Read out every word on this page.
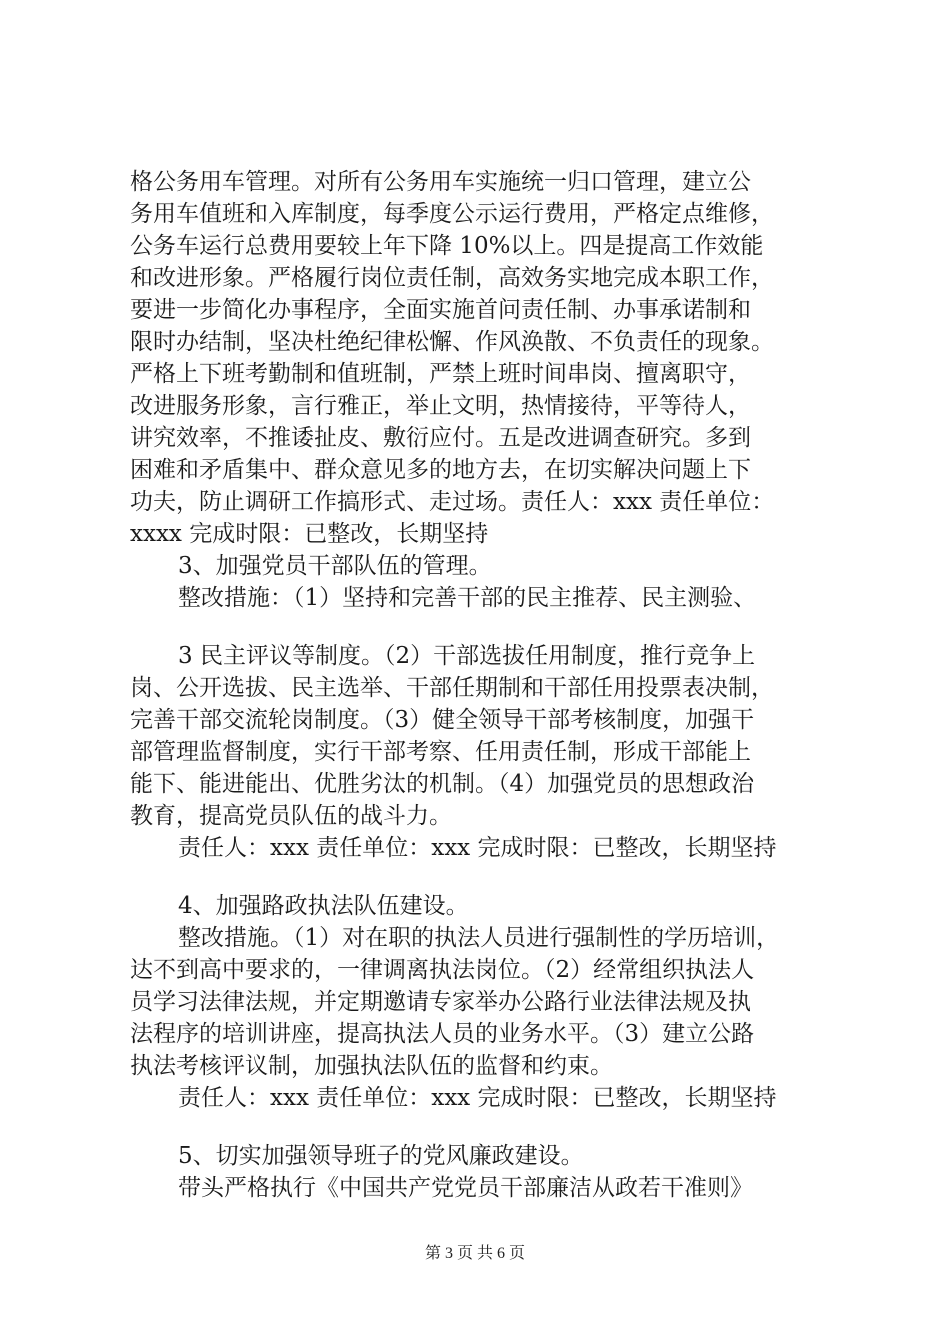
格公务用车管理。对所有公务用车实施统一归口管理，建立公
务用车值班和入库制度，每季度公示运行费用，严格定点维修，
公务车运行总费用要较上年下降 10%以上。四是提高工作效能
和改进形象。严格履行岗位责任制，高效务实地完成本职工作，
要进一步简化办事程序，全面实施首问责任制、办事承诺制和
限时办结制，坚决杜绝纪律松懈、作风涣散、不负责任的现象。
严格上下班考勤制和值班制，严禁上班时间串岗、擅离职守，
改进服务形象，言行雅正，举止文明，热情接待，平等待人，
讲究效率，不推诿扯皮、敷衍应付。五是改进调查研究。多到
困难和矛盾集中、群众意见多的地方去，在切实解决问题上下
功夫，防止调研工作搞形式、走过场。责任人：xxx 责任单位：
xxxx 完成时限：已整改，长期坚持
3、加强党员干部队伍的管理。
整改措施：（1）坚持和完善干部的民主推荐、民主测验、
3 民主评议等制度。（2）干部选拔任用制度，推行竞争上
岗、公开选拔、民主选举、干部任期制和干部任用投票表决制，
完善干部交流轮岗制度。（3）健全领导干部考核制度，加强干
部管理监督制度，实行干部考察、任用责任制，形成干部能上
能下、能进能出、优胜劣汰的机制。（4）加强党员的思想政治
教育，提高党员队伍的战斗力。
责任人：xxx 责任单位：xxx 完成时限：已整改，长期坚持
4、加强路政执法队伍建设。
整改措施。（1）对在职的执法人员进行强制性的学历培训，
达不到高中要求的，一律调离执法岗位。（2）经常组织执法人
员学习法律法规，并定期邀请专家举办公路行业法律法规及执
法程序的培训讲座，提高执法人员的业务水平。（3）建立公路
执法考核评议制，加强执法队伍的监督和约束。
责任人：xxx 责任单位：xxx 完成时限：已整改，长期坚持
5、切实加强领导班子的党风廉政建设。
带头严格执行《中国共产党党员干部廉洁从政若干准则》
第 3 页 共 6 页
